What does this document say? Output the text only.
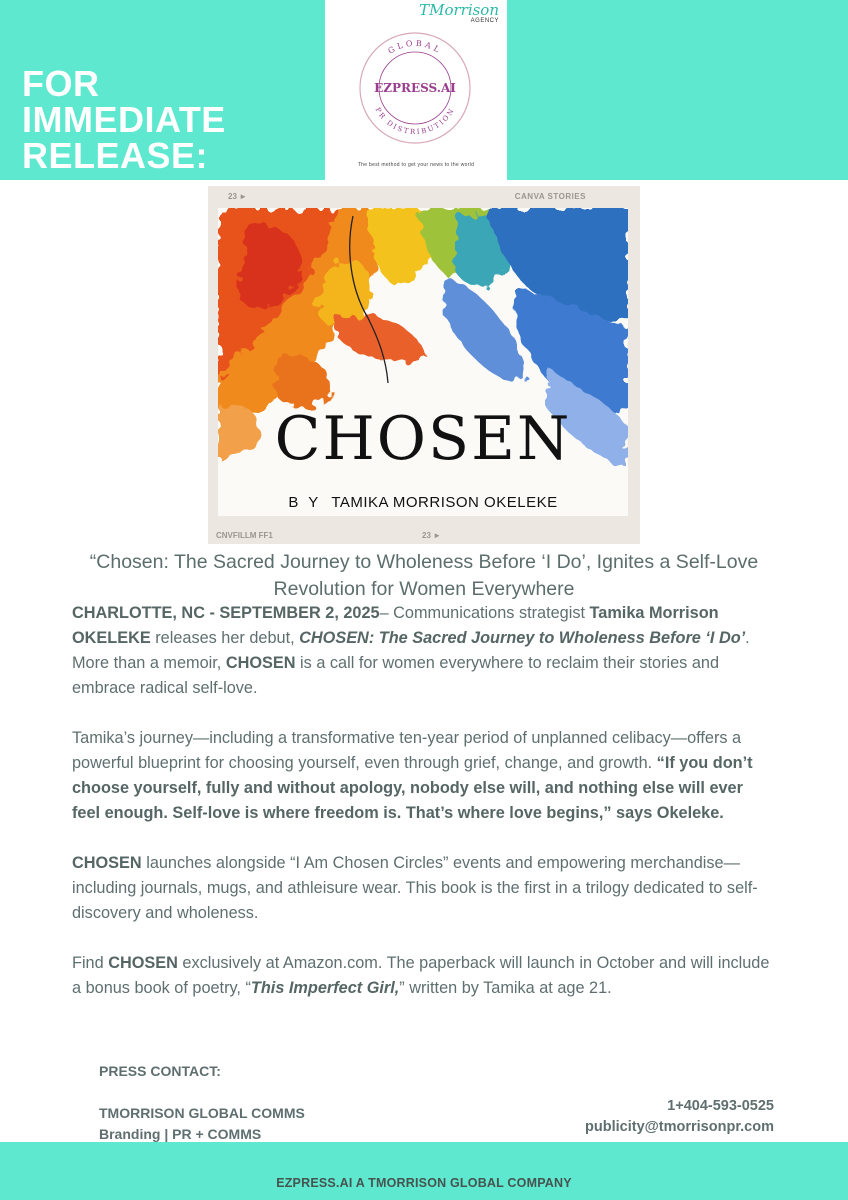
FOR
IMMEDIATE
RELEASE:
TMorrison
AGENCY
GLOBAL
EZPRESS.AI
PR DISTRIBUTION
The best method to get your news to the world
23 ►	CANVA STORIES
CHOSEN
B Y TAMIKA MORRISON OKELEKE
CNVFILLM FF1	23 ►
“Chosen: The Sacred Journey to Wholeness Before ‘I Do’, Ignites a Self-Love Revolution for Women Everywhere

CHARLOTTE, NC - SEPTEMBER 2, 2025– Communications strategist Tamika Morrison OKELEKE releases her debut, CHOSEN: The Sacred Journey to Wholeness Before ‘I Do’. More than a memoir, CHOSEN is a call for women everywhere to reclaim their stories and embrace radical self-love.

Tamika’s journey—including a transformative ten-year period of unplanned celibacy—offers a powerful blueprint for choosing yourself, even through grief, change, and growth. “If you don’t choose yourself, fully and without apology, nobody else will, and nothing else will ever feel enough. Self-love is where freedom is. That’s where love begins,” says Okeleke.

CHOSEN launches alongside “I Am Chosen Circles” events and empowering merchandise—including journals, mugs, and athleisure wear. This book is the first in a trilogy dedicated to self-discovery and wholeness.

Find CHOSEN exclusively at Amazon.com. The paperback will launch in October and will include a bonus book of poetry, “This Imperfect Girl,” written by Tamika at age 21.

PRESS CONTACT:
TMORRISON GLOBAL COMMS
Branding | PR + COMMS
1+404-593-0525
publicity@tmorrisonpr.com
EZPRESS.AI A TMORRISON GLOBAL COMPANY
